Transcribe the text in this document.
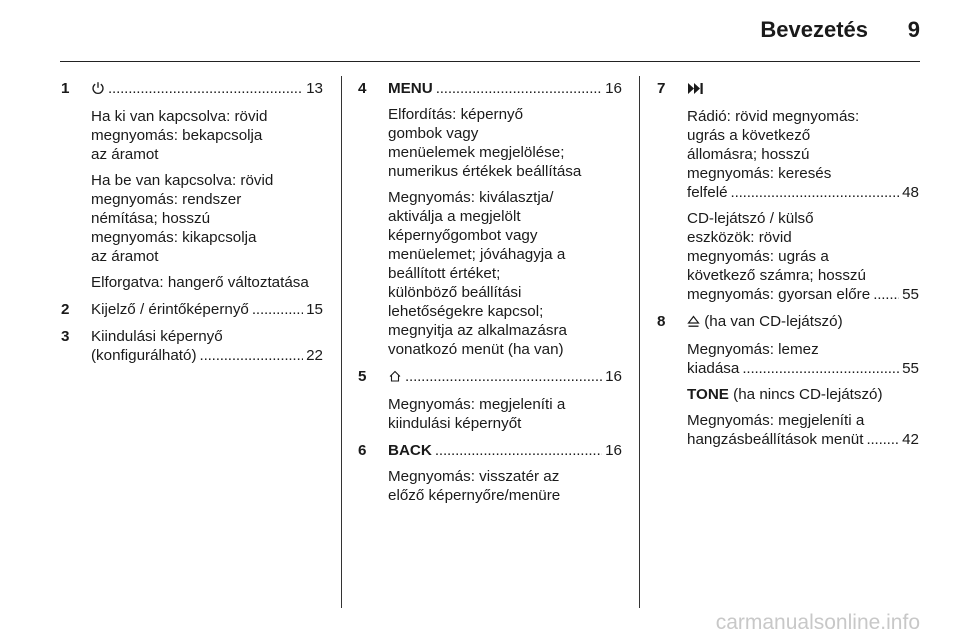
Bevezetés 9
1 . . .	13
Ha ki van kapcsolva: rövid
megnyomás: bekapcsolja
az áramot
Ha be van kapcsolva: rövid
megnyomás: rendszer
némítása; hosszú
megnyomás: kikapcsolja
az áramot
Elforgatva: hangerő változtatása
2 Kijelző / érintőképernyő . . .	15
3 Kiindulási képernyő
(konfigurálható) . . .	22
4 MENU . . .	16
Elfordítás: képernyő
gombok vagy
menüelemek megjelölése;
numerikus értékek beállítása
Megnyomás: kiválasztja/
aktiválja a megjelölt
képernyőgombot vagy
menüelemet; jóváhagyja a
beállított értéket;
különböző beállítási
lehetőségekre kapcsol;
megnyitja az alkalmazásra
vonatkozó menüt (ha van)
5 . . .	16
Megnyomás: megjeleníti a
kiindulási képernyőt
6 BACK . . .	16
Megnyomás: visszatér az
előző képernyőre/menüre
7
Rádió: rövid megnyomás:
ugrás a következő
állomásra; hosszú
megnyomás: keresés
felfelé . . .	48
CD-lejátszó / külső
eszközök: rövid
megnyomás: ugrás a
következő számra; hosszú
megnyomás: gyorsan előre . . . 55
8	(ha van CD-lejátszó)
Megnyomás: lemez
kiadása . . .	55
TONE (ha nincs CD-lejátszó)
Megnyomás: megjeleníti a
hangzásbeállítások menüt . . .	42
carmanualsonline.info
